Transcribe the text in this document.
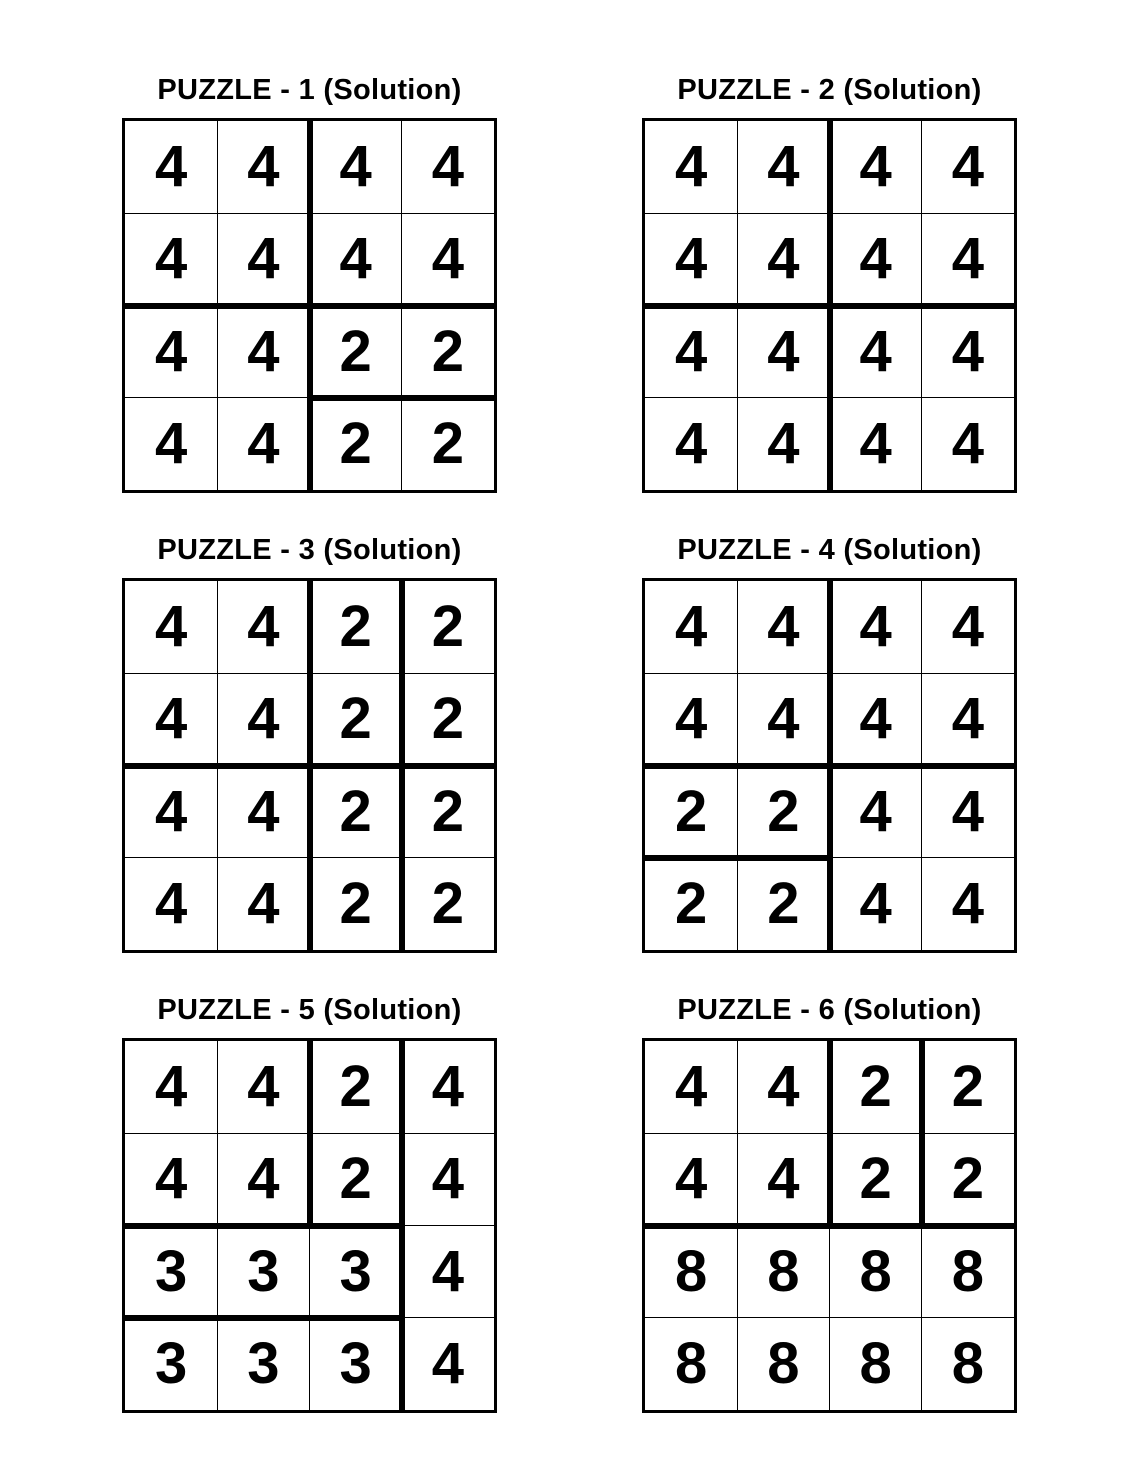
PUZZLE - 1 (Solution)
4	4	4	4
4	4	4	4
4	4	2	2
4	4	2	2
PUZZLE - 2 (Solution)
4	4	4	4
4	4	4	4
4	4	4	4
4	4	4	4
PUZZLE - 3 (Solution)
4	4	2	2
4	4	2	2
4	4	2	2
4	4	2	2
PUZZLE - 4 (Solution)
4	4	4	4
4	4	4	4
2	2	4	4
2	2	4	4
PUZZLE - 5 (Solution)
4	4	2	4
4	4	2	4
3	3	3	4
3	3	3	4
PUZZLE - 6 (Solution)
4	4	2	2
4	4	2	2
8	8	8	8
8	8	8	8
